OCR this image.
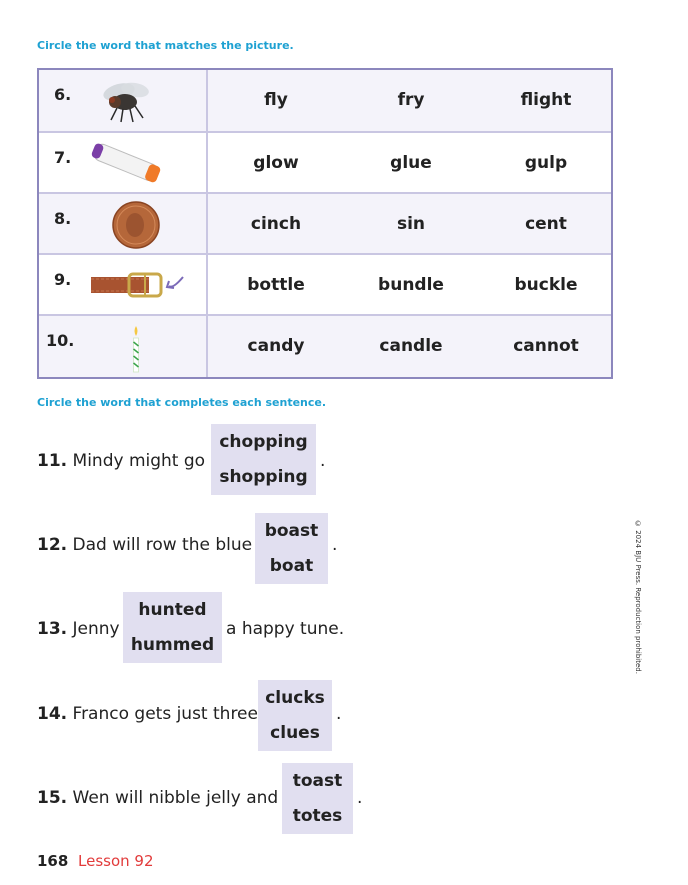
Circle the word that matches the picture.
6.	fly	fry	flight
7.	glow	glue	gulp
8.	cinch	sin	cent
9.	bottle	bundle	buckle
10.	candy	candle	cannot
Circle the word that completes each sentence.
11. Mindy might go
chopping
shopping
.
12. Dad will row the blue
boast
boat
.
13. Jenny
hunted
hummed
a happy tune.
14. Franco gets just three
clucks
clues
.
15. Wen will nibble jelly and
toast
totes
.
© 2024 BJU Press. Reproduction prohibited.
168 Lesson 92
